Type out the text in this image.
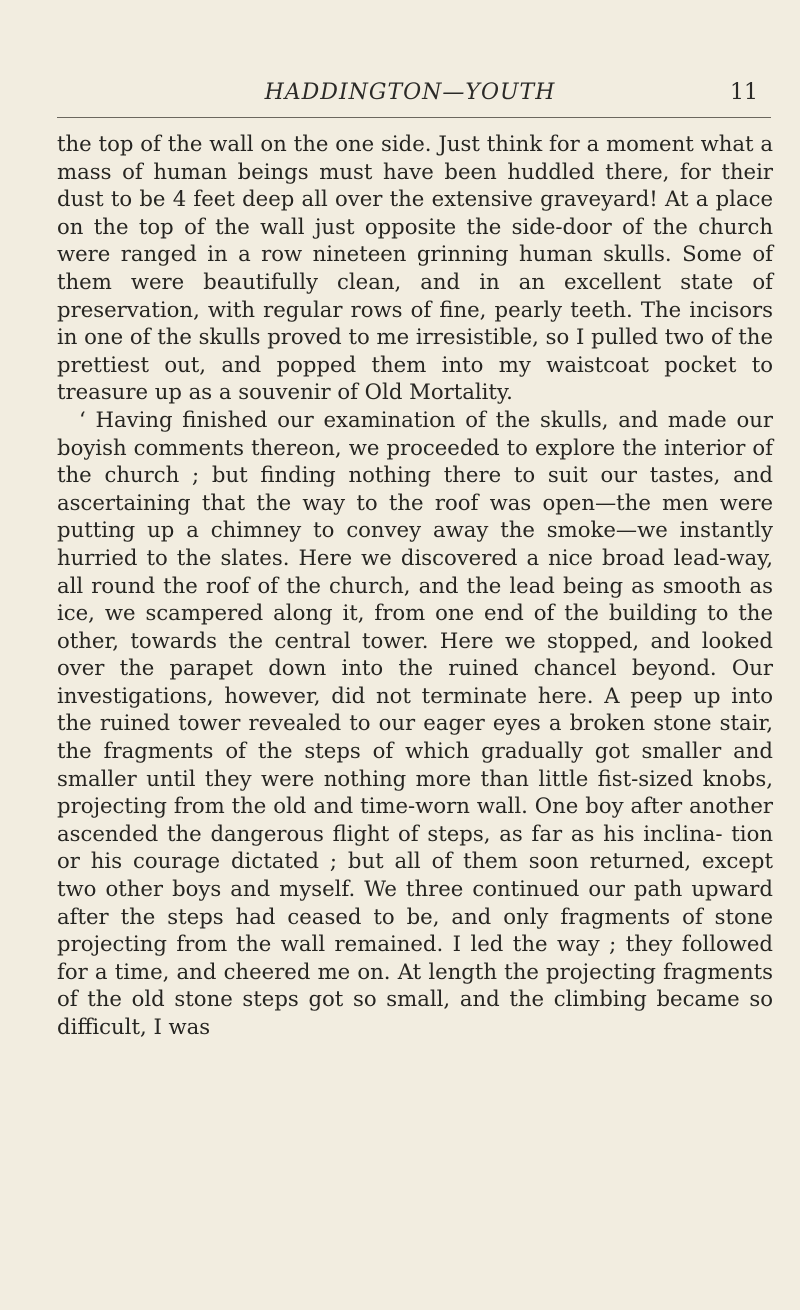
HADDINGTON—YOUTH	11

the top of the wall on the one side. Just think for a moment what a mass of human beings must have been huddled there, for their dust to be 4 feet deep all over the extensive graveyard! At a place on the top of the wall just opposite the side-door of the church were ranged in a row nineteen grinning human skulls. Some of them were beautifully clean, and in an excellent state of preservation, with regular rows of fine, pearly teeth. The incisors in one of the skulls proved to me irresistible, so I pulled two of the prettiest out, and popped them into my waistcoat pocket to treasure up as a souvenir of Old Mortality.

‘ Having finished our examination of the skulls, and made our boyish comments thereon, we proceeded to explore the interior of the church ; but finding nothing there to suit our tastes, and ascertaining that the way to the roof was open—the men were putting up a chimney to convey away the smoke—we instantly hurried to the slates. Here we discovered a nice broad lead-way, all round the roof of the church, and the lead being as smooth as ice, we scampered along it, from one end of the building to the other, towards the central tower. Here we stopped, and looked over the parapet down into the ruined chancel beyond. Our investigations, however, did not terminate here. A peep up into the ruined tower revealed to our eager eyes a broken stone stair, the fragments of the steps of which gradually got smaller and smaller until they were nothing more than little fist-sized knobs, projecting from the old and time-worn wall. One boy after another ascended the dangerous flight of steps, as far as his inclina- tion or his courage dictated ; but all of them soon returned, except two other boys and myself. We three continued our path upward after the steps had ceased to be, and only fragments of stone projecting from the wall remained. I led the way ; they followed for a time, and cheered me on. At length the projecting fragments of the old stone steps got so small, and the climbing became so difficult, I was
